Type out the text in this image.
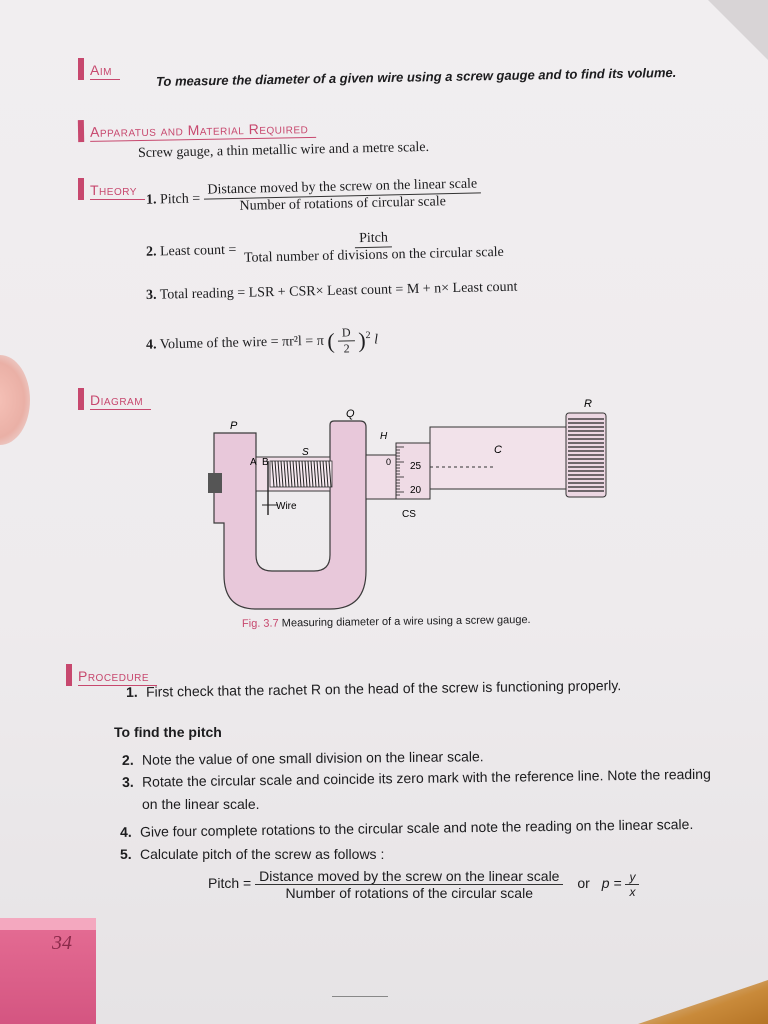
Aim	To measure the diameter of a given wire using a screw gauge and to find its volume.
Apparatus and Material Required
Screw gauge, a thin metallic wire and a metre scale.
Theory
1. Pitch =
Distance moved by the screw on the linear scale
Number of rotations of circular scale
2. Least count = $\frac{\text{Pitch}}{\text{Total number of divisions on the circular scale}}$
3. Total reading = LSR + CSR× Least count = M + n× Least count
4. Volume of the wire = πr²l = π ( $\frac{D}{2} )^2$ l
Diagram
P
Q
R
H
S
A B
C
CS
Wire
0 25
20
Fig. 3.7 Measuring diameter of a wire using a screw gauge.
Procedure
1. First check that the rachet R on the head of the screw is functioning properly.
To find the pitch
2. Note the value of one small division on the linear scale.
3. Rotate the circular scale and coincide its zero mark with the reference line. Note the reading
on the linear scale.
4. Give four complete rotations to the circular scale and note the reading on the linear scale.
5. Calculate pitch of the screw as follows :
Pitch = $\frac{\text{Distance moved by the screw on the linear scale}}{\text{Number of rotations of the circular scale}}$ or $p = \frac{y}{x}$
34
